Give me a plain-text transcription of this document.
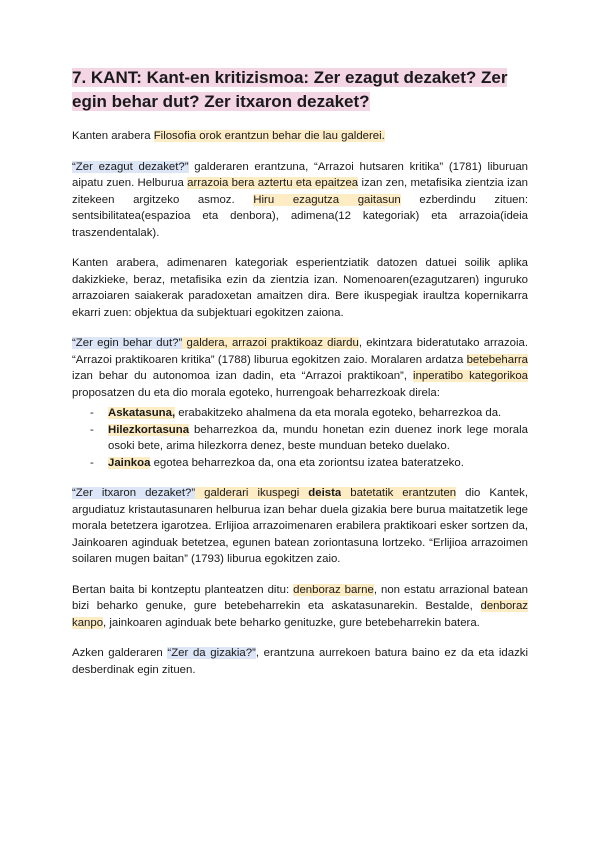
7. KANT: Kant-en kritizismoa: Zer ezagut dezaket? Zer egin behar dut? Zer itxaron dezaket?

Kanten arabera Filosofia orok erantzun behar die lau galderei.

“Zer ezagut dezaket?” galderaren erantzuna, “Arrazoi hutsaren kritika” (1781) liburuan aipatu zuen. Helburua arrazoia bera aztertu eta epaitzea izan zen, metafisika zientzia izan zitekeen argitzeko asmoz. Hiru ezagutza gaitasun ezberdindu zituen: sentsibilitatea(espazioa eta denbora), adimena(12 kategoriak) eta arrazoia(ideia traszendentalak).

Kanten arabera, adimenaren kategoriak esperientziatik datozen datuei soilik aplika dakizkieke, beraz, metafisika ezin da zientzia izan. Nomenoaren(ezagutzaren) inguruko arrazoiaren saiakerak paradoxetan amaitzen dira. Bere ikuspegiak iraultza kopernikarra ekarri zuen: objektua da subjektuari egokitzen zaiona.

“Zer egin behar dut?” galdera, arrazoi praktikoaz diardu, ekintzara bideratutako arrazoia. “Arrazoi praktikoaren kritika” (1788) liburua egokitzen zaio. Moralaren ardatza betebeharra izan behar du autonomoa izan dadin, eta “Arrazoi praktikoan”, inperatibo kategorikoa proposatzen du eta dio morala egoteko, hurrengoak beharrezkoak direla:

- Askatasuna, erabakitzeko ahalmena da eta morala egoteko, beharrezkoa da.
- Hilezkortasuna beharrezkoa da, mundu honetan ezin duenez inork lege morala osoki bete, arima hilezkorra denez, beste munduan beteko duelako.
- Jainkoa egotea beharrezkoa da, ona eta zoriontsu izatea bateratzeko.

“Zer itxaron dezaket?” galderari ikuspegi deista batetatik erantzuten dio Kantek, argudiatuz kristautasunaren helburua izan behar duela gizakia bere burua maitatzetik lege morala betetzera igarotzea. Erlijioa arrazoimenaren erabilera praktikoari esker sortzen da, Jainkoaren aginduak betetzea, egunen batean zoriontasuna lortzeko. “Erlijioa arrazoimen soilaren mugen baitan” (1793) liburua egokitzen zaio.

Bertan baita bi kontzeptu planteatzen ditu: denboraz barne, non estatu arrazional batean bizi beharko genuke, gure betebeharrekin eta askatasunarekin. Bestalde, denboraz kanpo, jainkoaren aginduak bete beharko genituzke, gure betebeharrekin batera.

Azken galderaren “Zer da gizakia?”, erantzuna aurrekoen batura baino ez da eta idazki desberdinak egin zituen.
